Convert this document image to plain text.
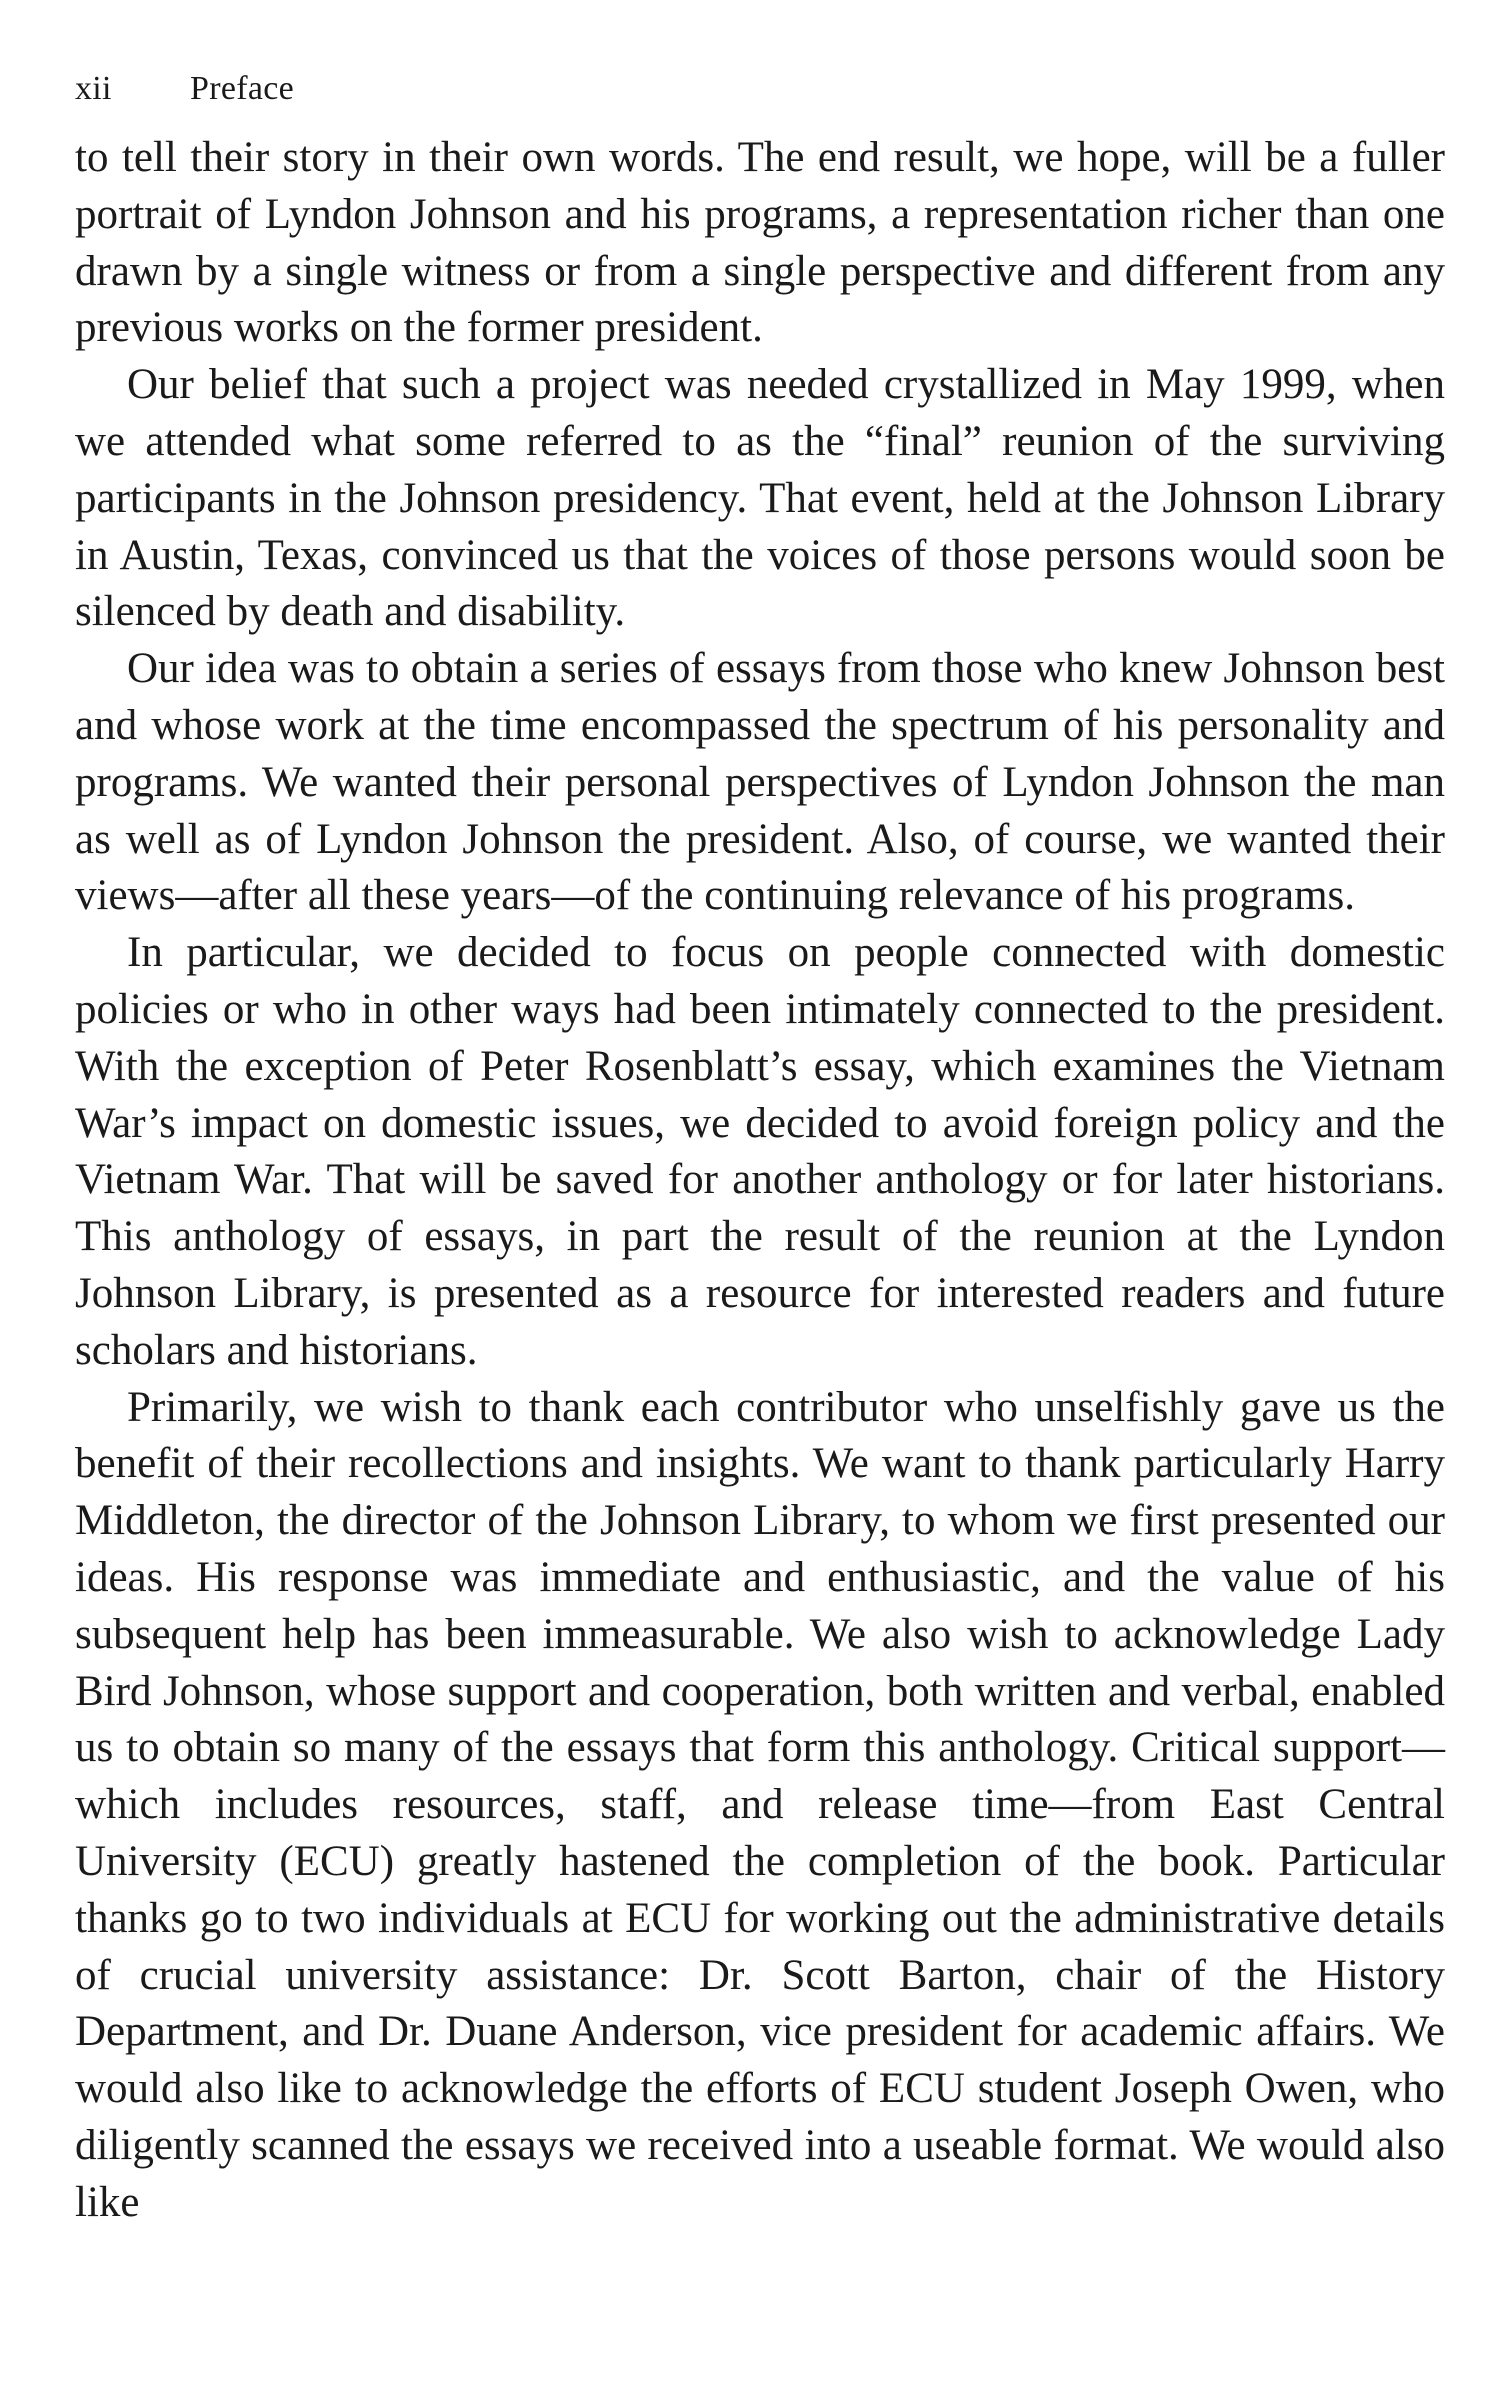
xii Preface

to tell their story in their own words. The end result, we hope, will be a fuller portrait of Lyndon Johnson and his programs, a representation richer than one drawn by a single witness or from a single perspective and different from any previous works on the former president.

Our belief that such a project was needed crystallized in May 1999, when we attended what some referred to as the “final” reunion of the surviving participants in the Johnson presidency. That event, held at the Johnson Library in Austin, Texas, convinced us that the voices of those persons would soon be silenced by death and disability.

Our idea was to obtain a series of essays from those who knew Johnson best and whose work at the time encompassed the spectrum of his personality and programs. We wanted their personal perspectives of Lyndon Johnson the man as well as of Lyndon Johnson the president. Also, of course, we wanted their views—after all these years—of the continuing relevance of his programs.

In particular, we decided to focus on people connected with domestic policies or who in other ways had been intimately connected to the president. With the exception of Peter Rosenblatt’s essay, which examines the Vietnam War’s impact on domestic issues, we decided to avoid foreign policy and the Vietnam War. That will be saved for another anthology or for later historians. This anthology of essays, in part the result of the reunion at the Lyndon Johnson Library, is presented as a resource for interested readers and future scholars and historians.

Primarily, we wish to thank each contributor who unselfishly gave us the benefit of their recollections and insights. We want to thank particularly Harry Middleton, the director of the Johnson Library, to whom we first presented our ideas. His response was immediate and enthusiastic, and the value of his subsequent help has been immeasurable. We also wish to acknowledge Lady Bird Johnson, whose support and cooperation, both written and verbal, enabled us to obtain so many of the essays that form this anthology. Critical support—which includes resources, staff, and release time—from East Central University (ECU) greatly hastened the completion of the book. Particular thanks go to two individuals at ECU for working out the administrative details of crucial university assistance: Dr. Scott Barton, chair of the History Department, and Dr. Duane Anderson, vice president for academic affairs. We would also like to acknowledge the efforts of ECU student Joseph Owen, who diligently scanned the essays we received into a useable format. We would also like
